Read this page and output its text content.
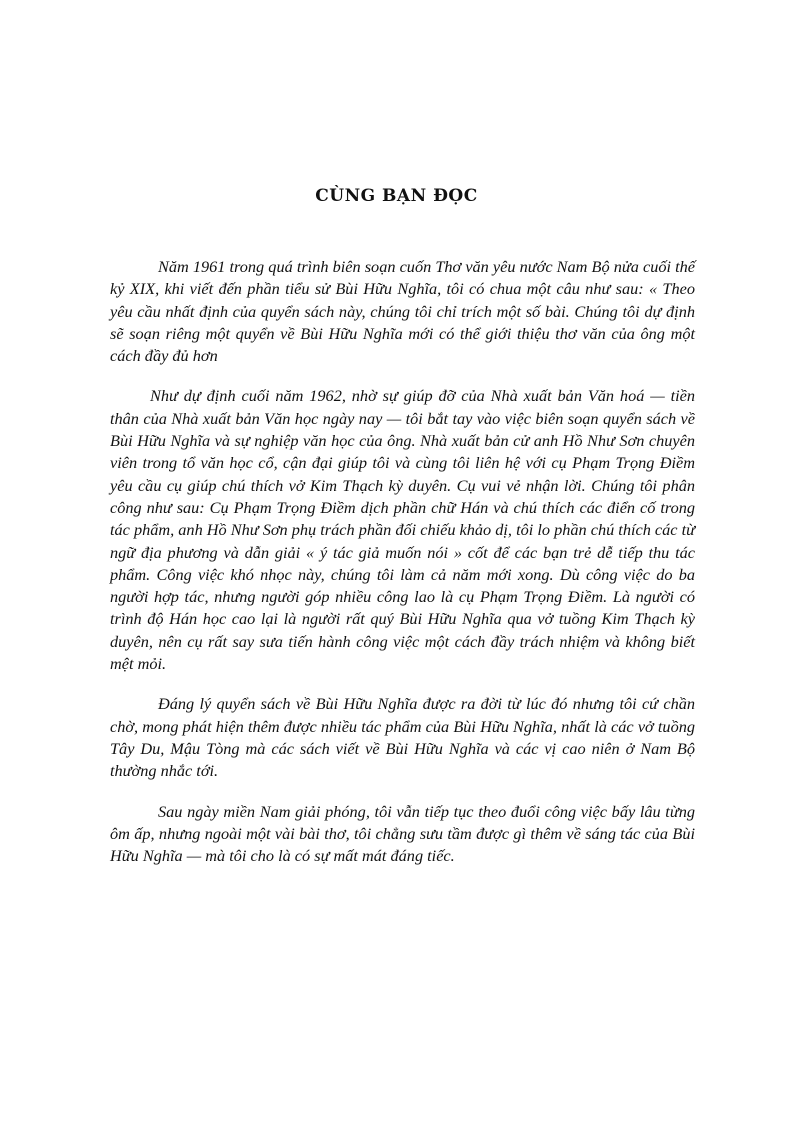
CÙNG BẠN ĐỌC

Năm 1961 trong quá trình biên soạn cuốn Thơ văn yêu nước Nam Bộ nửa cuối thế kỷ XIX, khi viết đến phần tiểu sử Bùi Hữu Nghĩa, tôi có chua một câu như sau: « Theo yêu cầu nhất định của quyển sách này, chúng tôi chỉ trích một số bài. Chúng tôi dự định sẽ soạn riêng một quyển về Bùi Hữu Nghĩa mới có thể giới thiệu thơ văn của ông một cách đầy đủ hơn

Như dự định cuối năm 1962, nhờ sự giúp đỡ của Nhà xuất bản Văn hoá — tiền thân của Nhà xuất bản Văn học ngày nay — tôi bắt tay vào việc biên soạn quyển sách về Bùi Hữu Nghĩa và sự nghiệp văn học của ông. Nhà xuất bản cử anh Hồ Như Sơn chuyên viên trong tổ văn học cổ, cận đại giúp tôi và cùng tôi liên hệ với cụ Phạm Trọng Điềm yêu cầu cụ giúp chú thích vở Kim Thạch kỳ duyên. Cụ vui vẻ nhận lời. Chúng tôi phân công như sau: Cụ Phạm Trọng Điềm dịch phần chữ Hán và chú thích các điển cố trong tác phẩm, anh Hồ Như Sơn phụ trách phần đối chiếu khảo dị, tôi lo phần chú thích các từ ngữ địa phương và dẫn giải « ý tác giả muốn nói » cốt để các bạn trẻ dễ tiếp thu tác phẩm. Công việc khó nhọc này, chúng tôi làm cả năm mới xong. Dù công việc do ba người hợp tác, nhưng người góp nhiều công lao là cụ Phạm Trọng Điềm. Là người có trình độ Hán học cao lại là người rất quý Bùi Hữu Nghĩa qua vở tuồng Kim Thạch kỳ duyên, nên cụ rất say sưa tiến hành công việc một cách đầy trách nhiệm và không biết mệt mỏi.

Đáng lý quyển sách về Bùi Hữu Nghĩa được ra đời từ lúc đó nhưng tôi cứ chần chờ, mong phát hiện thêm được nhiều tác phẩm của Bùi Hữu Nghĩa, nhất là các vở tuồng Tây Du, Mậu Tòng mà các sách viết về Bùi Hữu Nghĩa và các vị cao niên ở Nam Bộ thường nhắc tới.

Sau ngày miền Nam giải phóng, tôi vẫn tiếp tục theo đuổi công việc bấy lâu từng ôm ấp, nhưng ngoài một vài bài thơ, tôi chẳng sưu tầm được gì thêm về sáng tác của Bùi Hữu Nghĩa — mà tôi cho là có sự mất mát đáng tiếc.
